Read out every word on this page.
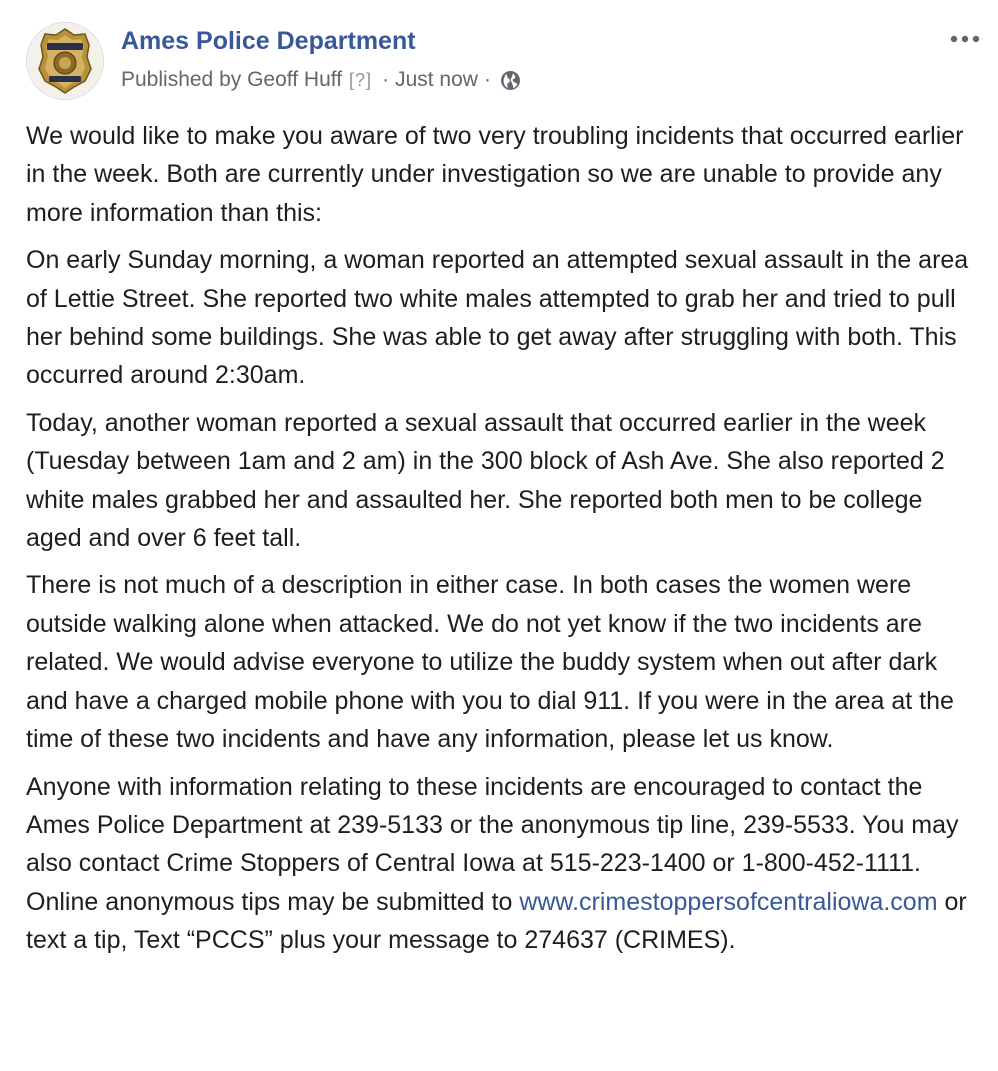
Ames Police Department
Published by
Geoff Huff [?] · Just now ·

We would like to make you aware of two very troubling incidents that occurred earlier in the week. Both are currently under investigation so we are unable to provide any more information than this:

On early Sunday morning, a woman reported an attempted sexual assault in the area of Lettie Street. She reported two white males attempted to grab her and tried to pull her behind some buildings. She was able to get away after struggling with both. This occurred around 2:30am.

Today, another woman reported a sexual assault that occurred earlier in the week (Tuesday between 1am and 2 am) in the 300 block of Ash Ave. She also reported 2 white males grabbed her and assaulted her. She reported both men to be college aged and over 6 feet tall.

There is not much of a description in either case. In both cases the women were outside walking alone when attacked. We do not yet know if the two incidents are related. We would advise everyone to utilize the buddy system when out after dark and have a charged mobile phone with you to dial 911. If you were in the area at the time of these two incidents and have any information, please let us know.

Anyone with information relating to these incidents are encouraged to contact the Ames Police Department at 239-5133 or the anonymous tip line, 239-5533. You may also contact Crime Stoppers of Central Iowa at 515-223-1400 or 1-800-452-1111. Online anonymous tips may be submitted to www.crimestoppersofcentraliowa.com or text a tip, Text “PCCS” plus your message to 274637 (CRIMES).
